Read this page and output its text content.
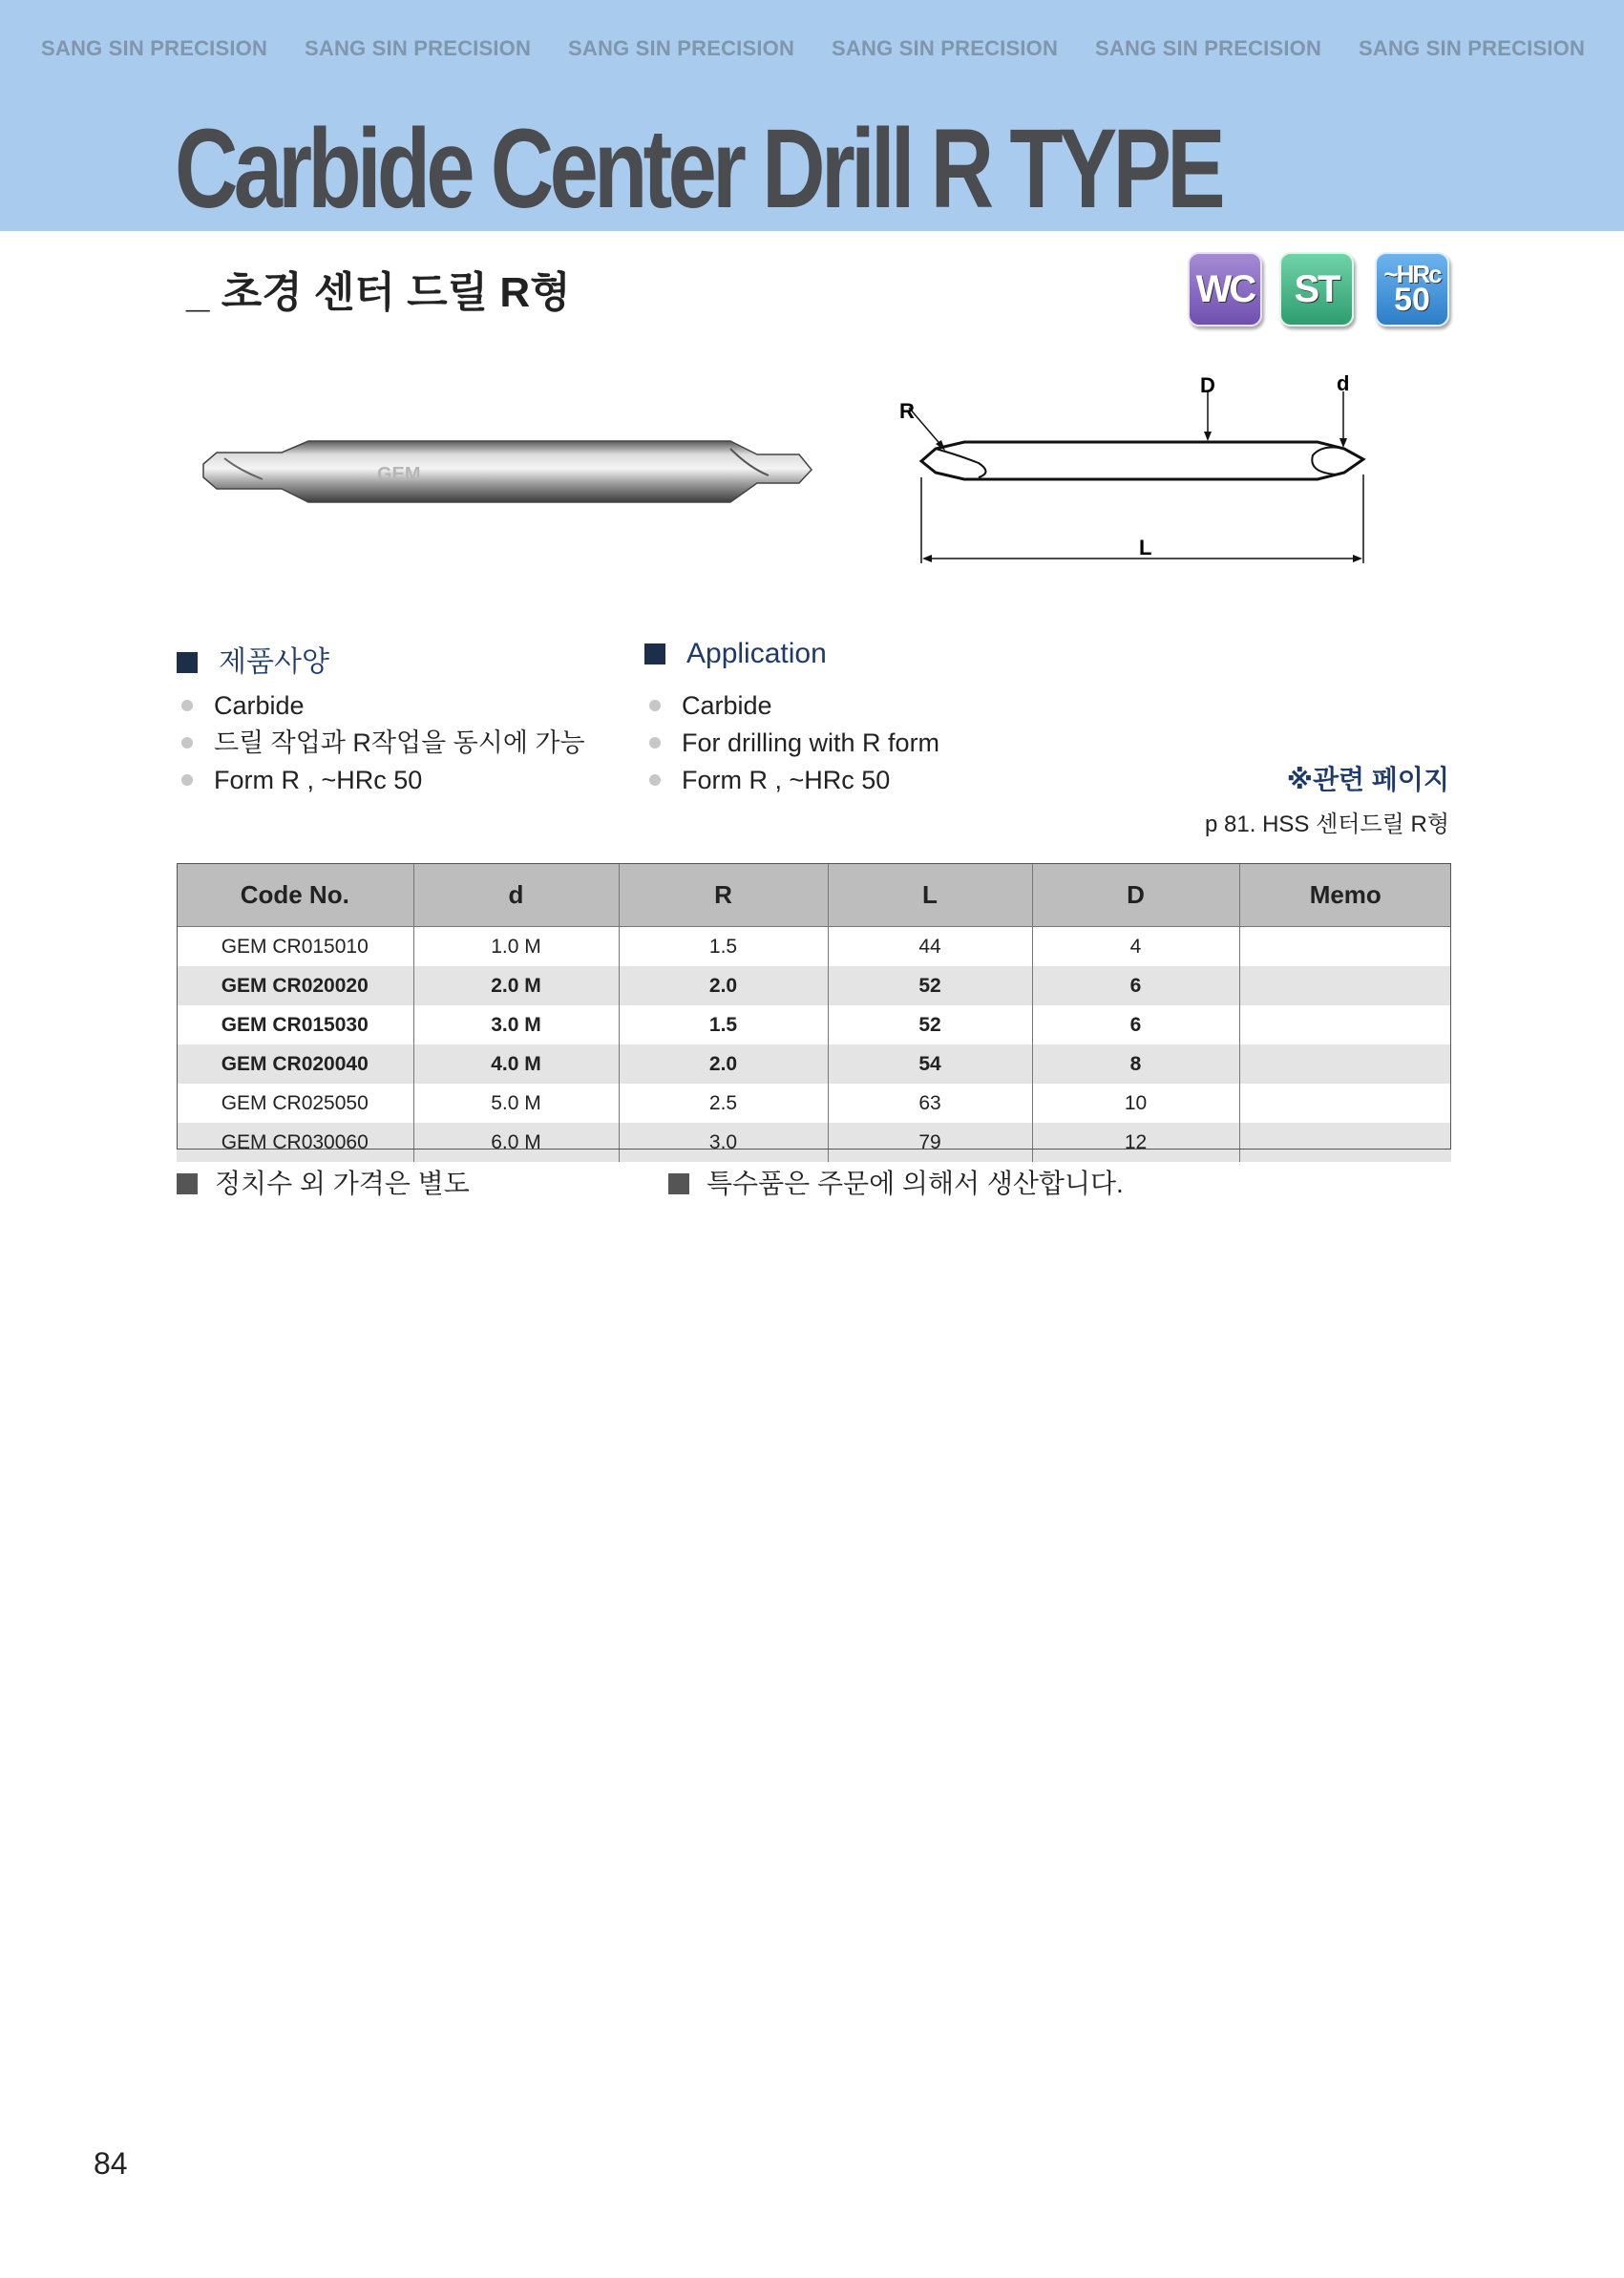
SANG SIN PRECISION SANG SIN PRECISION SANG SIN PRECISION SANG SIN PRECISION SANG SIN PRECISION SANG SIN PRECISION
Carbide Center Drill R TYPE
_ 초경 센터 드릴 R형	WC ST ~HRc
50
GEM
D	d
R
L
제품사양
Carbide
드릴 작업과 R작업을 동시에 가능
Form R , ~HRc 50
Application
Carbide
For drilling with R form
Form R , ~HRc 50	※관련 페이지
p 81. HSS 센터드릴 R형
Code No.	d	R	L	D	Memo
GEM CR015010	1.0 M	1.5	44	4	
GEM CR020020	2.0 M	2.0	52	6	
GEM CR015030	3.0 M	1.5	52	6	
GEM CR020040	4.0 M	2.0	54	8	
GEM CR025050	5.0 M	2.5	63	10	
GEM CR030060	6.0 M	3.0	79	12	
정치수 외 가격은 별도	특수품은 주문에 의해서 생산합니다.
84
